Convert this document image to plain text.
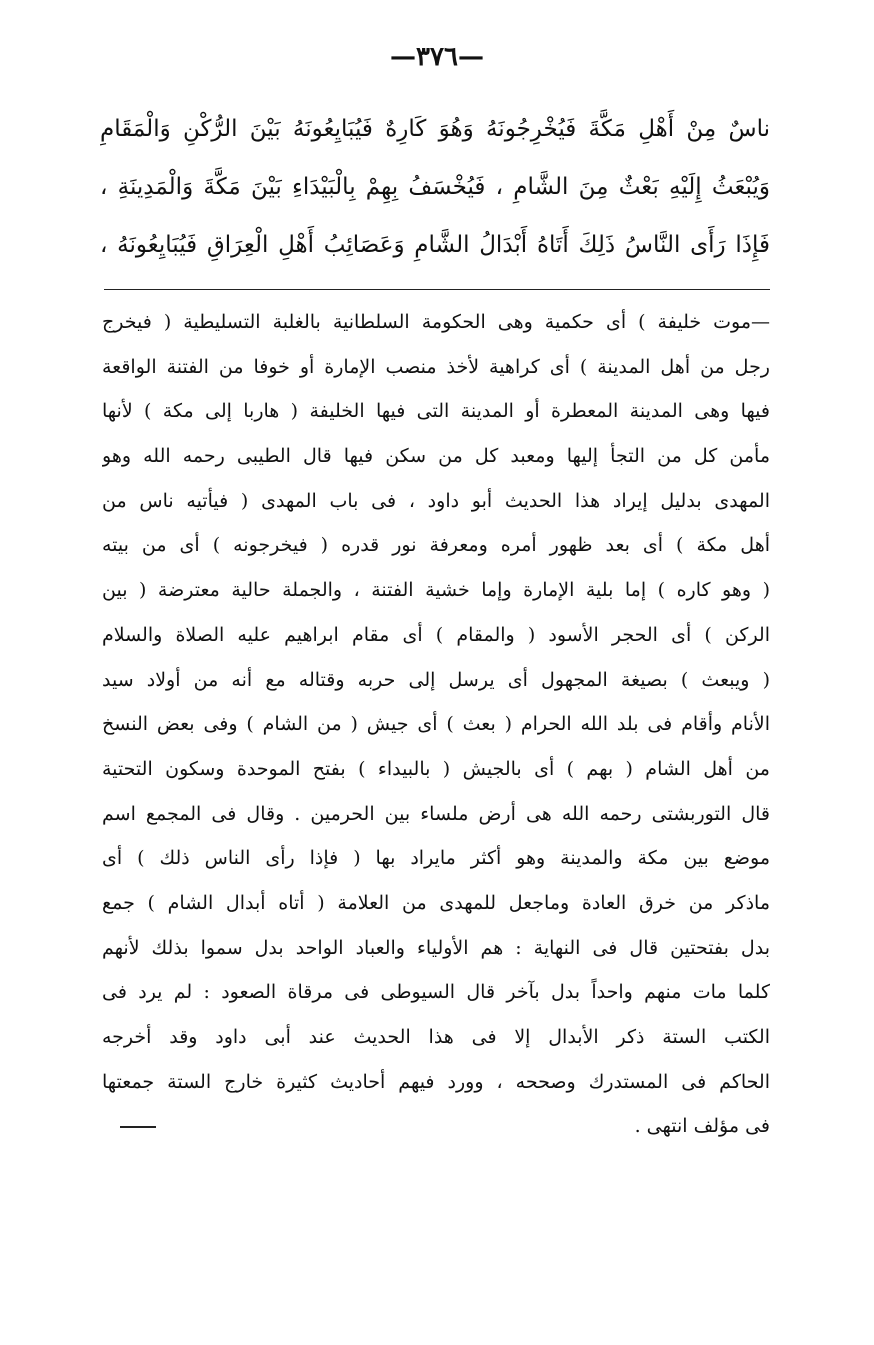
—٣٧٦—
ناسٌ مِنْ أَهْلِ مَكَّةَ فَيُخْرِجُونَهُ وَهُوَ كَارِهٌ فَيُبَايِعُونَهُ بَيْنَ الرُّكْنِ وَالْمَقَامِ
وَيُبْعَثُ إِلَيْهِ بَعْثٌ مِنَ الشَّامِ ، فَيُخْسَفُ بِهِمْ بِالْبَيْدَاءِ بَيْنَ مَكَّةَ وَالْمَدِينَةِ ،
فَإِذَا رَأَى النَّاسُ ذَلِكَ أَتَاهُ أَبْدَالُ الشَّامِ وَعَصَائِبُ أَهْلِ الْعِرَاقِ فَيُبَايِعُونَهُ ،
—موت خليفة ) أى حكمية وهى الحكومة السلطانية بالغلبة التسليطية ( فيخرج
رجل من أهل المدينة ) أى كراهية لأخذ منصب الإمارة أو خوفا من الفتنة الواقعة
فيها وهى المدينة المعطرة أو المدينة التى فيها الخليفة ( هاربا إلى مكة ) لأنها
مأمن كل من التجأ إليها ومعبد كل من سكن فيها قال الطيبى رحمه الله وهو
المهدى بدليل إيراد هذا الحديث أبو داود ، فى باب المهدى ( فيأتيه ناس من
أهل مكة ) أى بعد ظهور أمره ومعرفة نور قدره ( فيخرجونه ) أى من بيته
( وهو كاره ) إما بلية الإمارة وإما خشية الفتنة ، والجملة حالية معترضة ( بين
الركن ) أى الحجر الأسود ( والمقام ) أى مقام ابراهيم عليه الصلاة والسلام
( ويبعث ) بصيغة المجهول أى يرسل إلى حربه وقتاله مع أنه من أولاد سيد
الأنام وأقام فى بلد الله الحرام ( بعث ) أى جيش ( من الشام ) وفى بعض النسخ
من أهل الشام ( بهم ) أى بالجيش ( بالبيداء ) بفتح الموحدة وسكون التحتية
قال التوربشتى رحمه الله هى أرض ملساء بين الحرمين . وقال فى المجمع اسم
موضع بين مكة والمدينة وهو أكثر مايراد بها ( فإذا رأى الناس ذلك ) أى
ماذكر من خرق العادة وماجعل للمهدى من العلامة ( أتاه أبدال الشام ) جمع
بدل بفتحتين قال فى النهاية : هم الأولياء والعباد الواحد بدل سموا بذلك لأنهم
كلما مات منهم واحداً بدل بآخر قال السيوطى فى مرقاة الصعود : لم يرد فى
الكتب الستة ذكر الأبدال إلا فى هذا الحديث عند أبى داود وقد أخرجه
الحاكم فى المستدرك وصححه ، وورد فيهم أحاديث كثيرة خارج الستة جمعتها
فى مؤلف انتهى .
